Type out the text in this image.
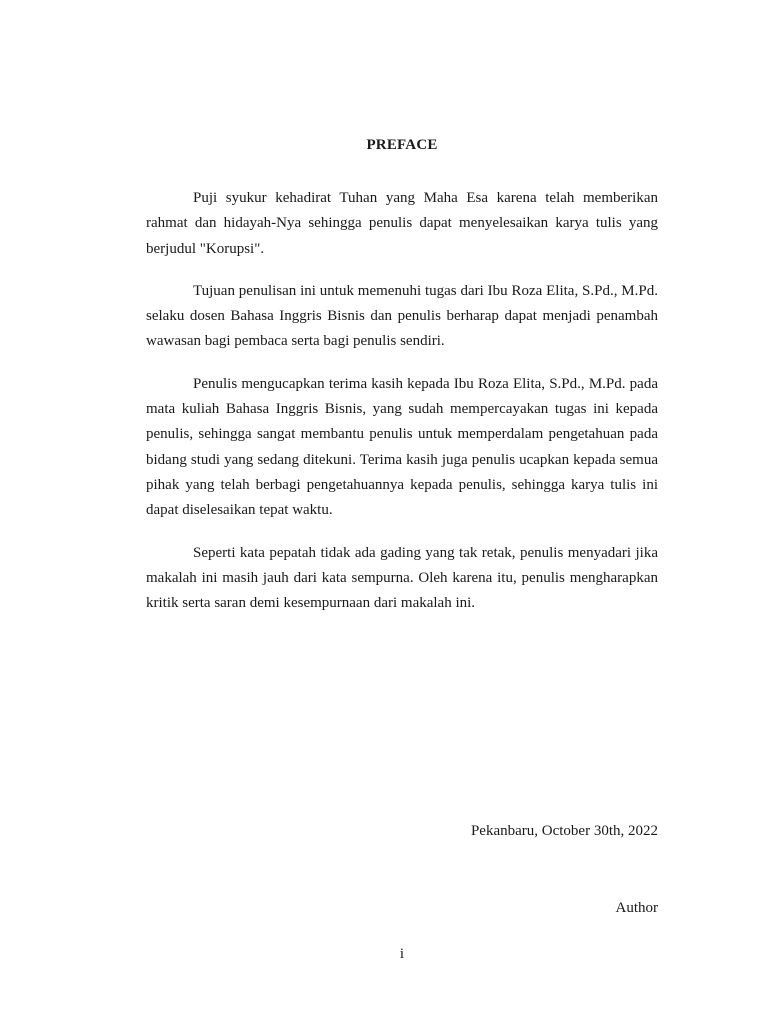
PREFACE

Puji syukur kehadirat Tuhan yang Maha Esa karena telah memberikan rahmat dan hidayah-Nya sehingga penulis dapat menyelesaikan karya tulis yang berjudul "Korupsi".

Tujuan penulisan ini untuk memenuhi tugas dari Ibu Roza Elita, S.Pd., M.Pd. selaku dosen Bahasa Inggris Bisnis dan penulis berharap dapat menjadi penambah wawasan bagi pembaca serta bagi penulis sendiri.

Penulis mengucapkan terima kasih kepada Ibu Roza Elita, S.Pd., M.Pd. pada mata kuliah Bahasa Inggris Bisnis, yang sudah mempercayakan tugas ini kepada penulis, sehingga sangat membantu penulis untuk memperdalam pengetahuan pada bidang studi yang sedang ditekuni. Terima kasih juga penulis ucapkan kepada semua pihak yang telah berbagi pengetahuannya kepada penulis, sehingga karya tulis ini dapat diselesaikan tepat waktu.

Seperti kata pepatah tidak ada gading yang tak retak, penulis menyadari jika makalah ini masih jauh dari kata sempurna. Oleh karena itu, penulis mengharapkan kritik serta saran demi kesempurnaan dari makalah ini.

Pekanbaru, October 30th, 2022
Author
i
